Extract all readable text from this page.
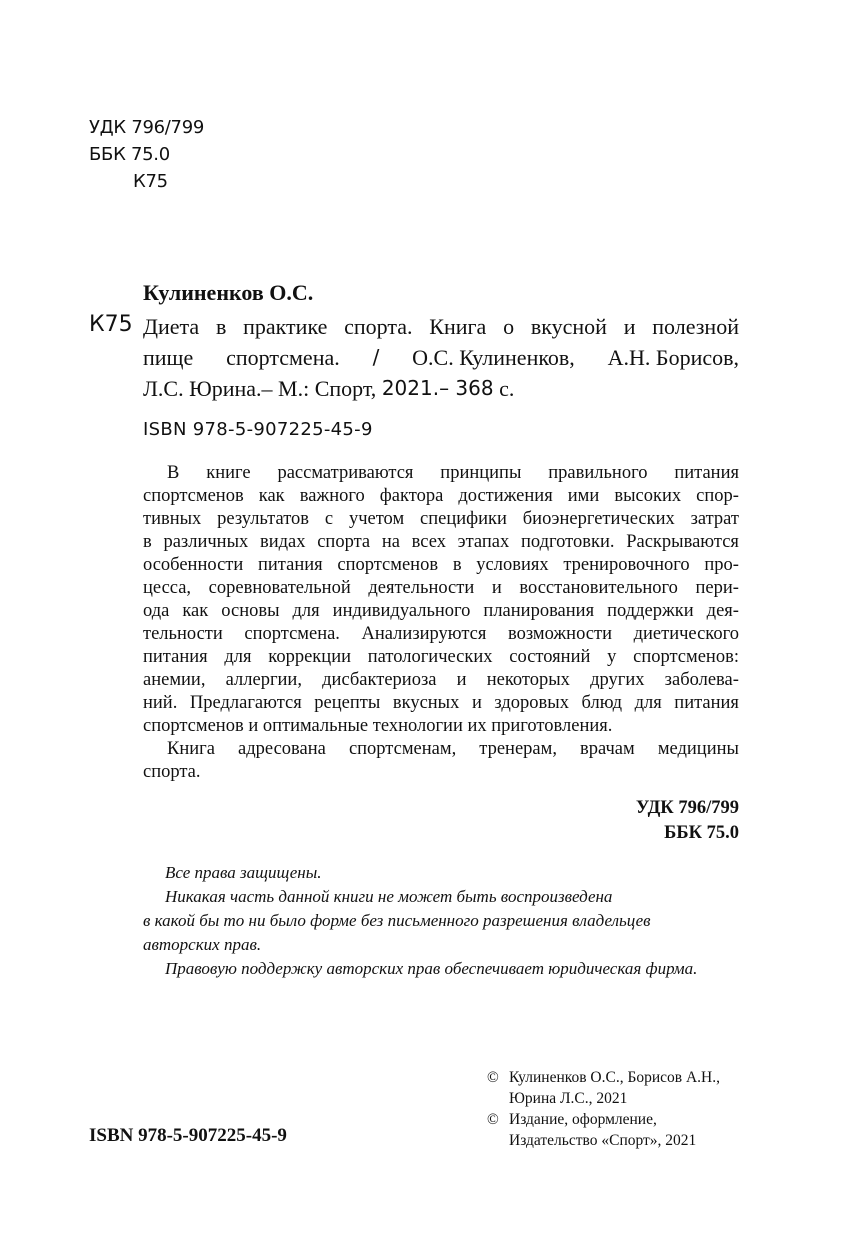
УДК 796/799
ББК 75.0
К75
Кулиненков О.С.
К75 Диета в практике спорта. Книга о вкусной и полезной
пище спортсмена. / О.С. Кулиненков, А.Н. Борисов,
Л.С. Юрина.– М.: Спорт,
2021.– 368
с.
ISBN 978-5-907225-45-9
В книге рассматриваются принципы правильного питания
спортсменов как важного фактора достижения ими высоких спор-
тивных результатов с учетом специфики биоэнергетических затрат
в различных видах спорта на всех этапах подготовки. Раскрываются
особенности питания спортсменов в условиях тренировочного про-
цесса, соревновательной деятельности и восстановительного пери-
ода как основы для индивидуального планирования поддержки дея-
тельности спортсмена. Анализируются возможности диетического
питания для коррекции патологических состояний у спортсменов:
анемии, аллергии, дисбактериоза и некоторых других заболева-
ний. Предлагаются рецепты вкусных и здоровых блюд для питания
спортсменов и оптимальные технологии их приготовления.
Книга адресована спортсменам, тренерам, врачам медицины
спорта.
УДК 796/799
ББК 75.0
Все права защищены.
Никакая часть данной книги не может быть воспроизведена
в какой бы то ни было форме без письменного разрешения владельцев
авторских прав.
Правовую поддержку авторских прав обеспечивает юридическая фирма.
© Кулиненков О.С., Борисов А.Н.,
Юрина Л.С., 2021
© Издание, оформление,
Издательство «Спорт», 2021
ISBN 978-5-907225-45-9
